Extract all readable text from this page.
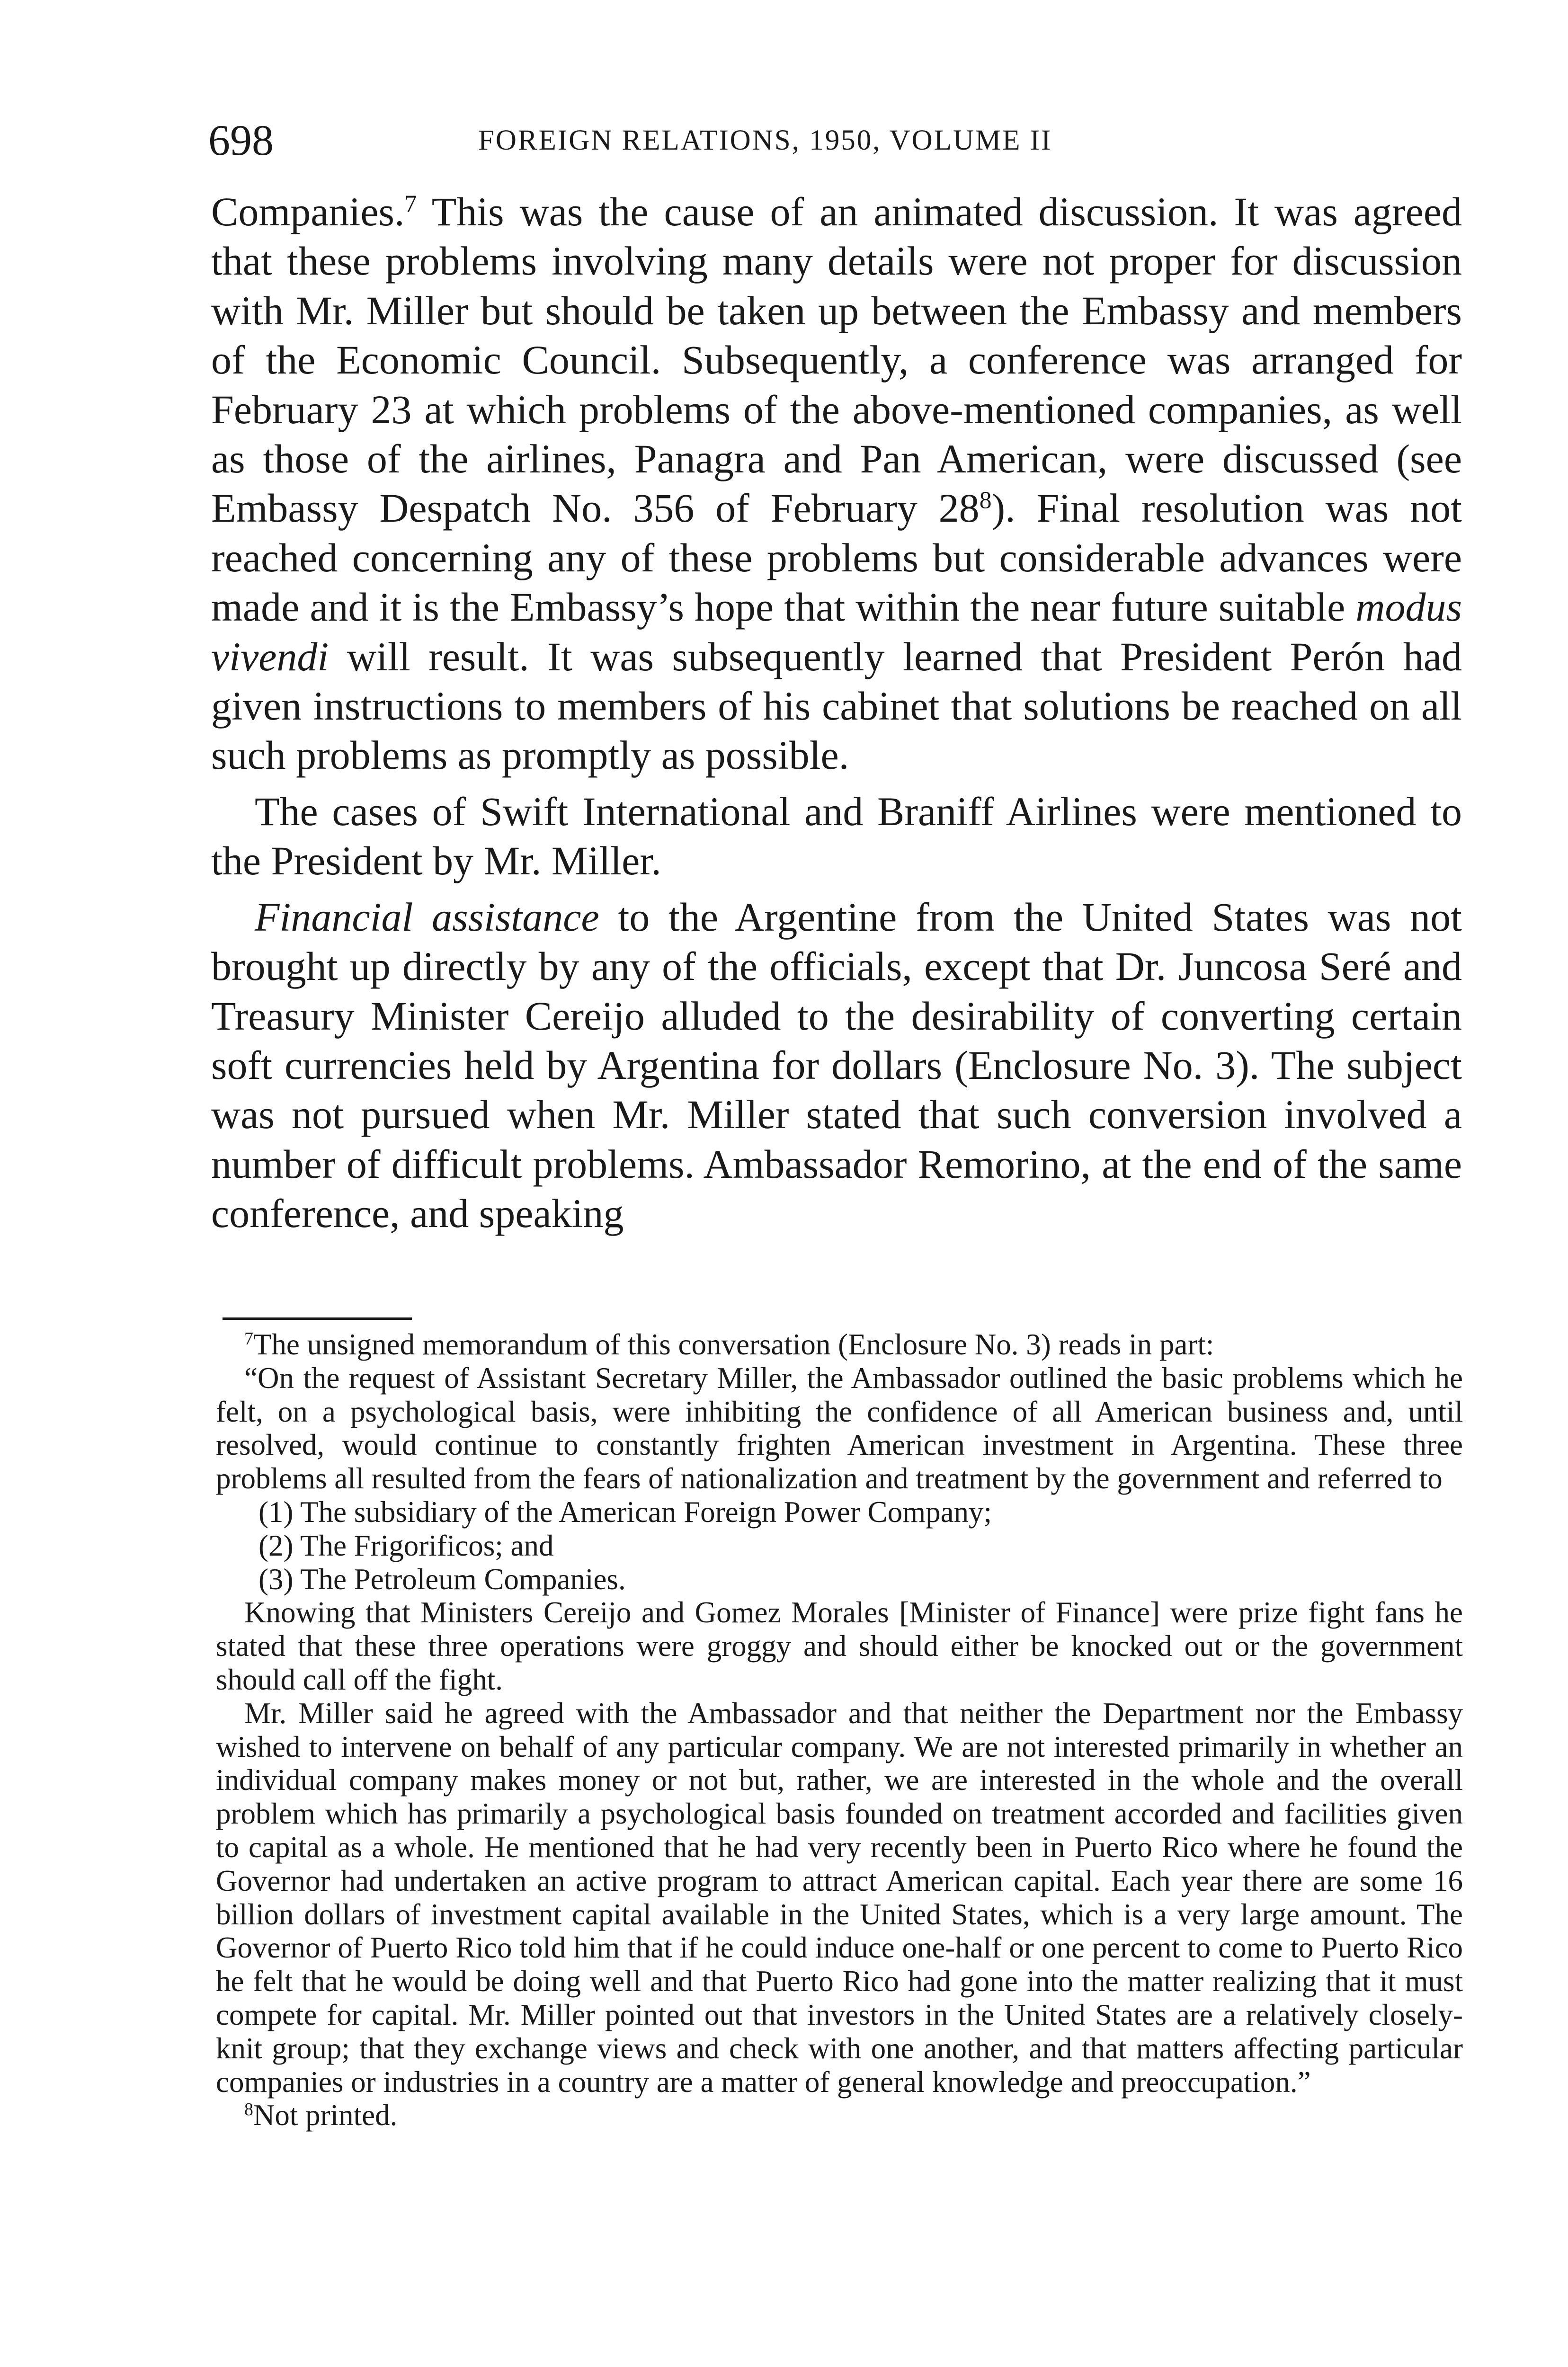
698	FOREIGN RELATIONS, 1950, VOLUME II

Companies.$^7$ This was the cause of an animated discussion. It was agreed that these problems involving many details were not proper for discussion with Mr. Miller but should be taken up between the Embassy and members of the Economic Council. Subsequently, a conference was arranged for February 23 at which problems of the above-mentioned companies, as well as those of the airlines, Panagra and Pan American, were discussed (see Embassy Despatch No. 356 of February $28^8$). Final resolution was not reached concerning any of these problems but considerable advances were made and it is the Embassy’s hope that within the near future suitable modus vivendi will result. It was subsequently learned that President Perón had given instructions to members of his cabinet that solutions be reached on all such problems as promptly as possible.

The cases of Swift International and Braniff Airlines were mentioned to the President by Mr. Miller.

Financial assistance to the Argentine from the United States was not brought up directly by any of the officials, except that Dr. Juncosa Seré and Treasury Minister Cereijo alluded to the desirability of converting certain soft currencies held by Argentina for dollars (Enclosure No. 3). The subject was not pursued when Mr. Miller stated that such conversion involved a number of difficult problems. Ambassador Remorino, at the end of the same conference, and speaking

$^7$The unsigned memorandum of this conversation (Enclosure No. 3) reads in part:

“On the request of Assistant Secretary Miller, the Ambassador outlined the basic problems which he felt, on a psychological basis, were inhibiting the confidence of all American business and, until resolved, would continue to constantly frighten American investment in Argentina. These three problems all resulted from the fears of nationalization and treatment by the government and referred to

(1) The subsidiary of the American Foreign Power Company;
(2) The Frigorificos; and
(3) The Petroleum Companies.

Knowing that Ministers Cereijo and Gomez Morales [Minister of Finance] were prize fight fans he stated that these three operations were groggy and should either be knocked out or the government should call off the fight.

Mr. Miller said he agreed with the Ambassador and that neither the Department nor the Embassy wished to intervene on behalf of any particular company. We are not interested primarily in whether an individual company makes money or not but, rather, we are interested in the whole and the overall problem which has primarily a psychological basis founded on treatment accorded and facilities given to capital as a whole. He mentioned that he had very recently been in Puerto Rico where he found the Governor had undertaken an active program to attract American capital. Each year there are some 16 billion dollars of investment capital available in the United States, which is a very large amount. The Governor of Puerto Rico told him that if he could induce one-half or one percent to come to Puerto Rico he felt that he would be doing well and that Puerto Rico had gone into the matter realizing that it must compete for capital. Mr. Miller pointed out that investors in the United States are a relatively closely-knit group; that they exchange views and check with one another, and that matters affecting particular companies or industries in a country are a matter of general knowledge and preoccupation.”

$^8$Not printed.
